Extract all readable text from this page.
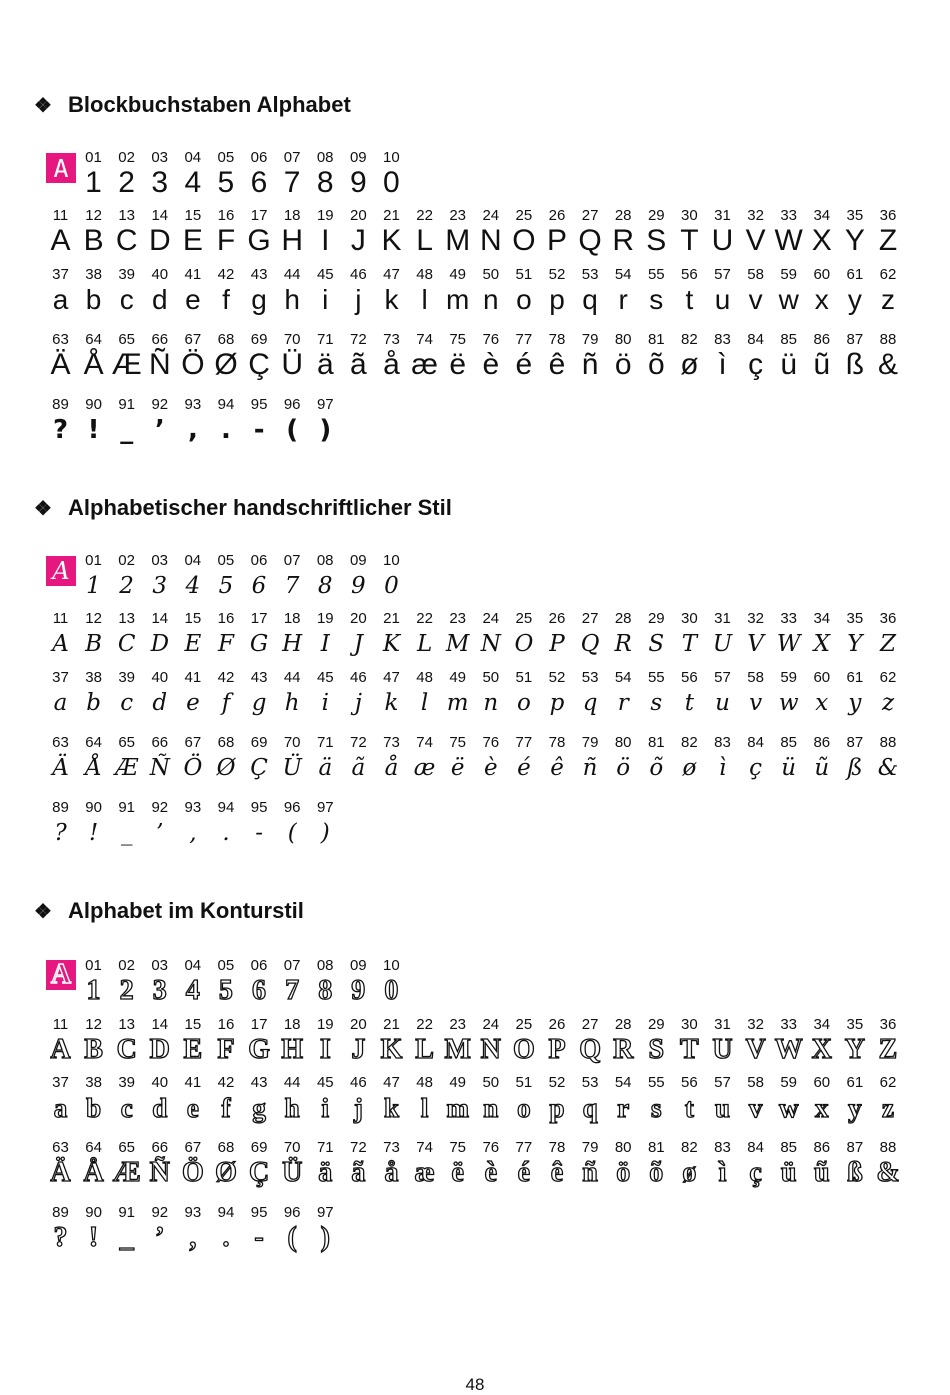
❖ Blockbuchstaben Alphabet
❖ Alphabetischer handschriftlicher Stil
❖ Alphabet im Konturstil
A
A
A
01
1
02
2
03
3
04
4
05
5
06
6
07
7
08
8
09
9
10
0
11
A
12
B
13
C
14
D
15
E
16
F
17
G
18
H
19
I
20
J
21
K
22
L
23
M
24
N
25
O
26
P
27
Q
28
R
29
S
30
T
31
U
32
V
33
W
34
X
35
Y
36
Z
37
a
38
b
39
c
40
d
41
e
42
f
43
g
44
h
45
i
46
j
47
k
48
l
49
m
50
n
51
o
52
p
53
q
54
r
55
s
56
t
57
u
58
v
59
w
60
x
61
y
62
z
63
Ä
64
Å
65
Æ
66
Ñ
67
Ö
68
Ø
69
Ç
70
Ü
71
ä
72
ã
73
å
74
æ
75
ë
76
è
77
é
78
ê
79
ñ
80
ö
81
õ
82
ø
83
ì
84
ç
85
ü
86
ũ
87
ß
88
&
89
?
90
!
91
_
92
’
93
,
94
.
95
-
96
(
97
)
01
1
02
2
03
3
04
4
05
5
06
6
07
7
08
8
09
9
10
0
11
A
12
B
13
C
14
D
15
E
16
F
17
G
18
H
19
I
20
J
21
K
22
L
23
M
24
N
25
O
26
P
27
Q
28
R
29
S
30
T
31
U
32
V
33
W
34
X
35
Y
36
Z
37
a
38
b
39
c
40
d
41
e
42
f
43
g
44
h
45
i
46
j
47
k
48
l
49
m
50
n
51
o
52
p
53
q
54
r
55
s
56
t
57
u
58
v
59
w
60
x
61
y
62
z
63
Ä
64
Å
65
Æ
66
Ñ
67
Ö
68
Ø
69
Ç
70
Ü
71
ä
72
ã
73
å
74
æ
75
ë
76
è
77
é
78
ê
79
ñ
80
ö
81
õ
82
ø
83
ì
84
ç
85
ü
86
ũ
87
ß
88
&
89
?
90
!
91
_
92
’
93
,
94
.
95
-
96
(
97
)
01
1
02
2
03
3
04
4
05
5
06
6
07
7
08
8
09
9
10
0
11
A
12
B
13
C
14
D
15
E
16
F
17
G
18
H
19
I
20
J
21
K
22
L
23
M
24
N
25
O
26
P
27
Q
28
R
29
S
30
T
31
U
32
V
33
W
34
X
35
Y
36
Z
37
a
38
b
39
c
40
d
41
e
42
f
43
g
44
h
45
i
46
j
47
k
48
l
49
m
50
n
51
o
52
p
53
q
54
r
55
s
56
t
57
u
58
v
59
w
60
x
61
y
62
z
63
Ä
64
Å
65
Æ
66
Ñ
67
Ö
68
Ø
69
Ç
70
Ü
71
ä
72
ã
73
å
74
æ
75
ë
76
è
77
é
78
ê
79
ñ
80
ö
81
õ
82
ø
83
ì
84
ç
85
ü
86
ũ
87
ß
88
&
89
?
90
!
91
_
92
’
93
,
94
.
95
-
96
(
97
)
48
